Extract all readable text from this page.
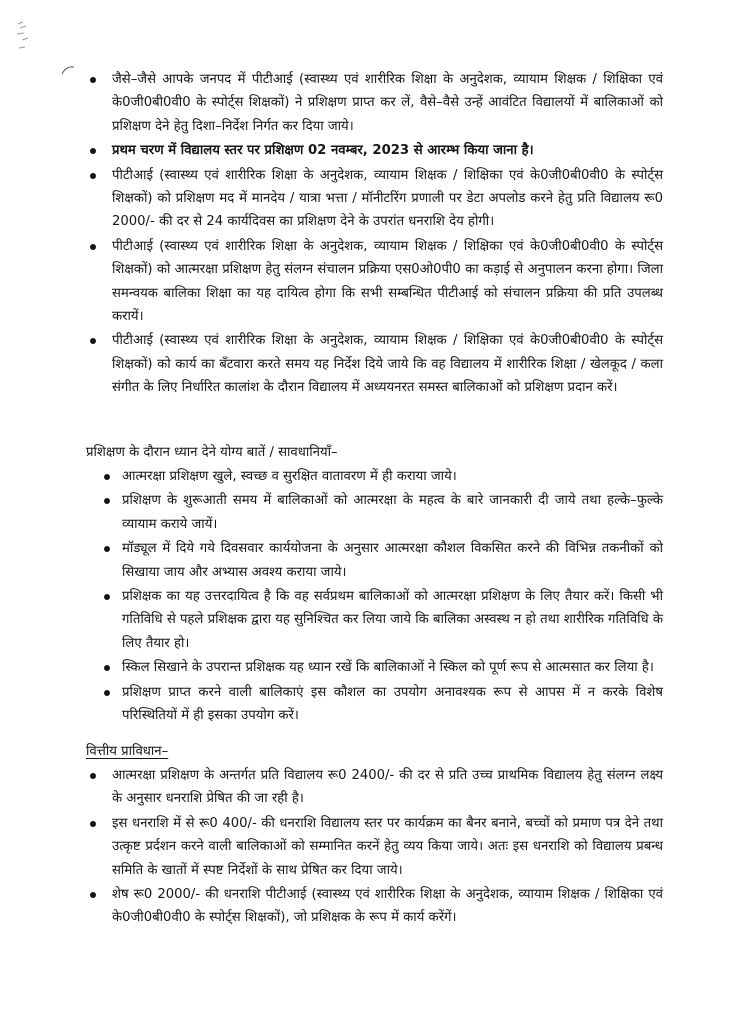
जैसे–जैसे आपके जनपद में पीटीआई (स्वास्थ्य एवं शारीरिक शिक्षा के अनुदेशक, व्यायाम शिक्षक / शिक्षिका एवं के0जी0बी0वी0 के स्पोर्ट्स शिक्षकों) ने प्रशिक्षण प्राप्त कर लें, वैसे–वैसे उन्हें आवंटित विद्यालयों में बालिकाओं को प्रशिक्षण देने हेतु दिशा–निर्देश निर्गत कर दिया जाये।
प्रथम चरण में विद्यालय स्तर पर प्रशिक्षण 02 नवम्बर, 2023 से आरम्भ किया जाना है।
पीटीआई (स्वास्थ्य एवं शारीरिक शिक्षा के अनुदेशक, व्यायाम शिक्षक / शिक्षिका एवं के0जी0बी0वी0 के स्पोर्ट्स शिक्षकों) को प्रशिक्षण मद में मानदेय / यात्रा भत्ता / मॉनीटरिंग प्रणाली पर डेटा अपलोड करने हेतु प्रति विद्यालय रू0 2000/- की दर से 24 कार्यदिवस का प्रशिक्षण देने के उपरांत धनराशि देय होगी।
पीटीआई (स्वास्थ्य एवं शारीरिक शिक्षा के अनुदेशक, व्यायाम शिक्षक / शिक्षिका एवं के0जी0बी0वी0 के स्पोर्ट्स शिक्षकों) को आत्मरक्षा प्रशिक्षण हेतु संलग्न संचालन प्रक्रिया एस0ओ0पी0 का कड़ाई से अनुपालन करना होगा। जिला समन्वयक बालिका शिक्षा का यह दायित्व होगा कि सभी सम्बन्धित पीटीआई को संचालन प्रक्रिया की प्रति उपलब्ध करायें।
पीटीआई (स्वास्थ्य एवं शारीरिक शिक्षा के अनुदेशक, व्यायाम शिक्षक / शिक्षिका एवं के0जी0बी0वी0 के स्पोर्ट्स शिक्षकों) को कार्य का बँटवारा करते समय यह निर्देश दिये जाये कि वह विद्यालय में शारीरिक शिक्षा / खेलकूद / कला संगीत के लिए निर्धारित कालांश के दौरान विद्यालय में अध्ययनरत समस्त बालिकाओं को प्रशिक्षण प्रदान करें।
प्रशिक्षण के दौरान ध्यान देने योग्य बातें / सावधानियाँ–
आत्मरक्षा प्रशिक्षण खुले, स्वच्छ व सुरक्षित वातावरण में ही कराया जाये।
प्रशिक्षण के शुरूआती समय में बालिकाओं को आत्मरक्षा के महत्व के बारे जानकारी दी जाये तथा हल्के–फुल्के व्यायाम कराये जायें।
मॉड्यूल में दिये गये दिवसवार कार्ययोजना के अनुसार आत्मरक्षा कौशल विकसित करने की विभिन्न तकनीकों को सिखाया जाय और अभ्यास अवश्य कराया जाये।
प्रशिक्षक का यह उत्तरदायित्व है कि वह सर्वप्रथम बालिकाओं को आत्मरक्षा प्रशिक्षण के लिए तैयार करें। किसी भी गतिविधि से पहले प्रशिक्षक द्वारा यह सुनिश्चित कर लिया जाये कि बालिका अस्वस्थ न हो तथा शारीरिक गतिविधि के लिए तैयार हो।
स्किल सिखाने के उपरान्त प्रशिक्षक यह ध्यान रखें कि बालिकाओं ने स्किल को पूर्ण रूप से आत्मसात कर लिया है।
प्रशिक्षण प्राप्त करने वाली बालिकाएं इस कौशल का उपयोग अनावश्यक रूप से आपस में न करके विशेष परिस्थितियों में ही इसका उपयोग करें।
वित्तीय प्राविधान–
आत्मरक्षा प्रशिक्षण के अन्तर्गत प्रति विद्यालय रू0 2400/- की दर से प्रति उच्च प्राथमिक विद्यालय हेतु संलग्न लक्ष्य के अनुसार धनराशि प्रेषित की जा रही है।
इस धनराशि में से रू0 400/- की धनराशि विद्यालय स्तर पर कार्यक्रम का बैनर बनाने, बच्चों को प्रमाण पत्र देने तथा उत्कृष्ट प्रर्दशन करने वाली बालिकाओं को सम्मानित करनें हेतु व्यय किया जाये। अतः इस धनराशि को विद्यालय प्रबन्ध समिति के खातों में स्पष्ट निर्देशों के साथ प्रेषित कर दिया जाये।
शेष रू0 2000/- की धनराशि पीटीआई (स्वास्थ्य एवं शारीरिक शिक्षा के अनुदेशक, व्यायाम शिक्षक / शिक्षिका एवं के0जी0बी0वी0 के स्पोर्ट्स शिक्षकों), जो प्रशिक्षक के रूप में कार्य करेंगें।
